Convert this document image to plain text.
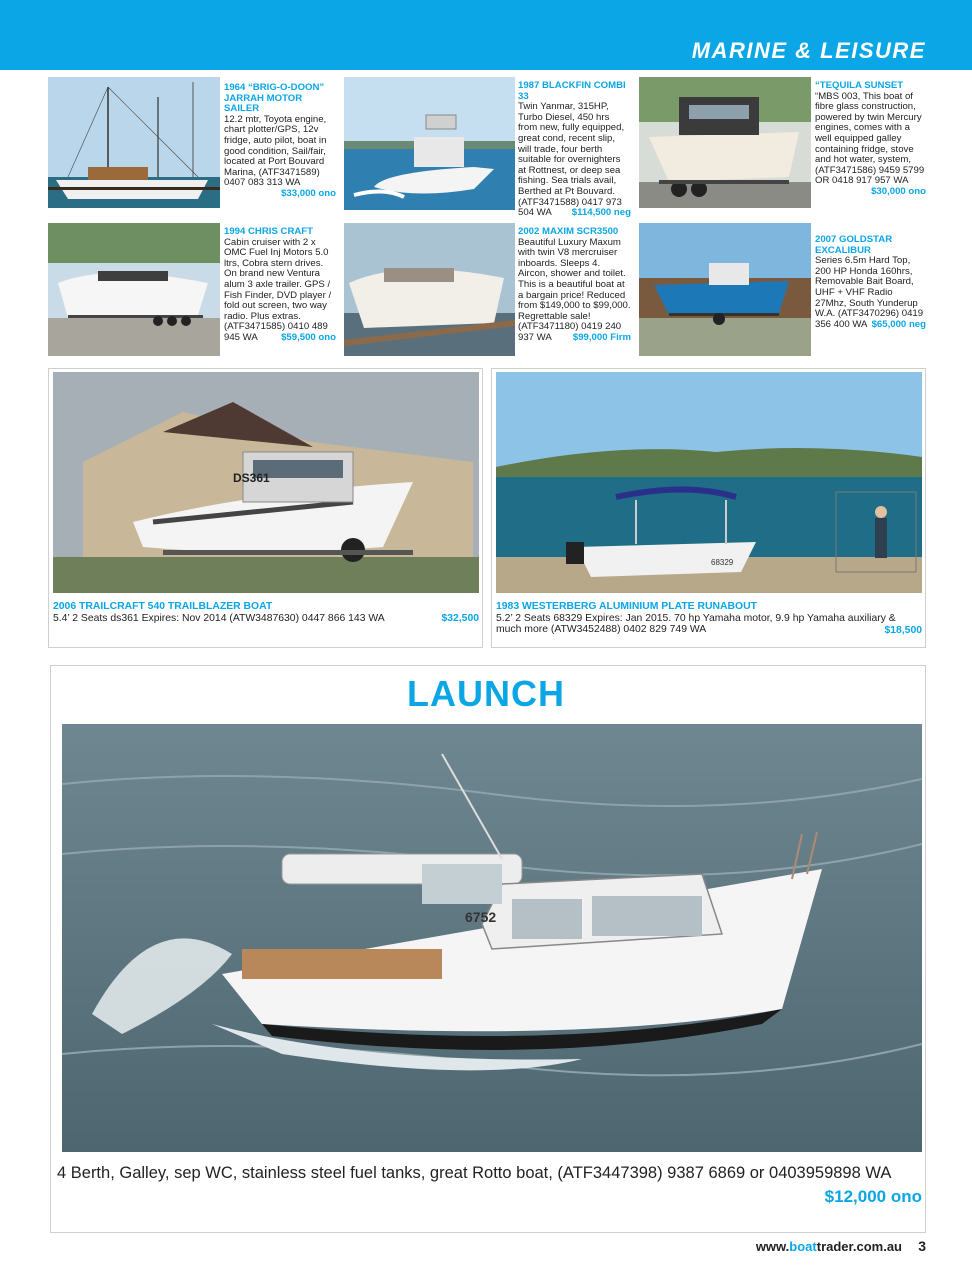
MARINE & LEISURE
1964 “BRIG-O-DOON” JARRAH MOTOR SAILER
12.2 mtr, Toyota engine, chart plotter/GPS, 12v fridge, auto pilot, boat in good condition, Sail/fair, located at Port Bouvard Marina, (ATF3471589) 0407 083 313 WA
$33,000 ono
1987 BLACKFIN COMBI 33
Twin Yanmar, 315HP, Turbo Diesel, 450 hrs from new, fully equipped, great cond, recent slip, will trade, four berth suitable for overnighters at Rottnest, or deep sea fishing. Sea trials avail, Berthed at Pt Bouvard. (ATF3471588) 0417 973 504 WA $114,500 neg
“TEQUILA SUNSET
“MBS 003, This boat of fibre glass construction, powered by twin Mercury engines, comes with a well equipped galley containing fridge, stove and hot water, system, (ATF3471586) 9459 5799 OR 0418 917 957 WA
$30,000 ono
1994 CHRIS CRAFT
Cabin cruiser with 2 x OMC Fuel Inj Motors 5.0 ltrs, Cobra stern drives. On brand new Ventura alum 3 axle trailer. GPS / Fish Finder, DVD player / fold out screen, two way radio. Plus extras. (ATF3471585) 0410 489 945 WA $59,500 ono
2002 MAXIM SCR3500
Beautiful Luxury Maxum with twin V8 mercruiser inboards. Sleeps 4. Aircon, shower and toilet. This is a beautiful boat at a bargain price! Reduced from $149,000 to $99,000. Regrettable sale! (ATF3471180) 0419 240 937 WA $99,000 Firm
2007 GOLDSTAR EXCALIBUR
Series 6.5m Hard Top, 200 HP Honda 160hrs, Removable Bait Board, UHF + VHF Radio 27Mhz, South Yunderup W.A. (ATF3470296) 0419 356 400 WA $65,000 neg
DS361
2006 TRAILCRAFT 540 TRAILBLAZER BOAT
5.4’ 2 Seats ds361 Expires: Nov 2014 (ATW3487630) 0447 866 143 WA	$32,500
68329
1983 WESTERBERG ALUMINIUM PLATE RUNABOUT
5.2’ 2 Seats 68329 Expires: Jan 2015. 70 hp Yamaha motor, 9.9 hp Yamaha auxiliary & much more (ATW3452488) 0402 829 749 WA	$18,500
LAUNCH
6752
4 Berth, Galley, sep WC, stainless steel fuel tanks, great Rotto boat, (ATF3447398) 9387 6869 or 0403959898 WA
$12,000 ono
www.boattrader.com.au 3
